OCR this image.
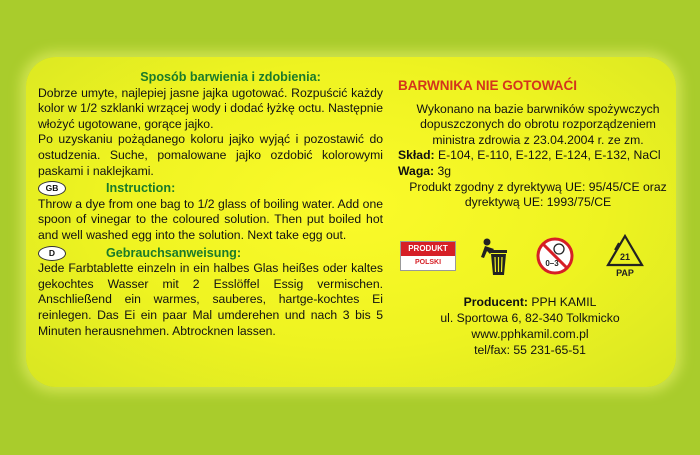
Sposób barwienia i zdobienia:

Dobrze umyte, najlepiej jasne jajka ugotować. Rozpuścić każdy kolor w 1/2 szklanki wrzącej wody i dodać łyżkę octu. Następnie włożyć ugotowane, gorące jajko.

Po uzyskaniu pożądanego koloru jajko wyjąć i pozostawić do ostudzenia. Suche, pomalowane jajko ozdobić kolorowymi paskami i naklejkami.

GB	Instruction:

Throw a dye from one bag to 1/2 glass of boiling water. Add one spoon of vinegar to the coloured solution. Then put boiled hot and well washed egg into the solution. Next take egg out.

D	Gebrauchsanweisung:

Jede Farbtablette einzeln in ein halbes Glas heißes oder kaltes gekochtes Wasser mit 2 Esslöffel Essig vermischen. Anschließend ein warmes, sauberes, hartge-kochtes Ei reinlegen. Das Ei ein paar Mal umderehen und nach 3 bis 5 Minuten herausnehmen. Abtrocknen lassen.

BARWNIKA NIE GOTOWAĆI
Wykonano na bazie barwników spożywczych dopuszczonych do obrotu rozporządzeniem ministra zdrowia z 23.04.2004 r. ze zm.
Skład: E-104, E-110, E-122, E-124, E-132, NaCl
Waga: 3g
Produkt zgodny z dyrektywą UE: 95/45/CE oraz dyrektywą UE: 1993/75/CE
PRODUKT
POLSKI	0–3
21
PAP
Producent: PPH KAMIL
ul. Sportowa 6, 82-340 Tolkmicko
www.pphkamil.com.pl
tel/fax: 55 231-65-51
